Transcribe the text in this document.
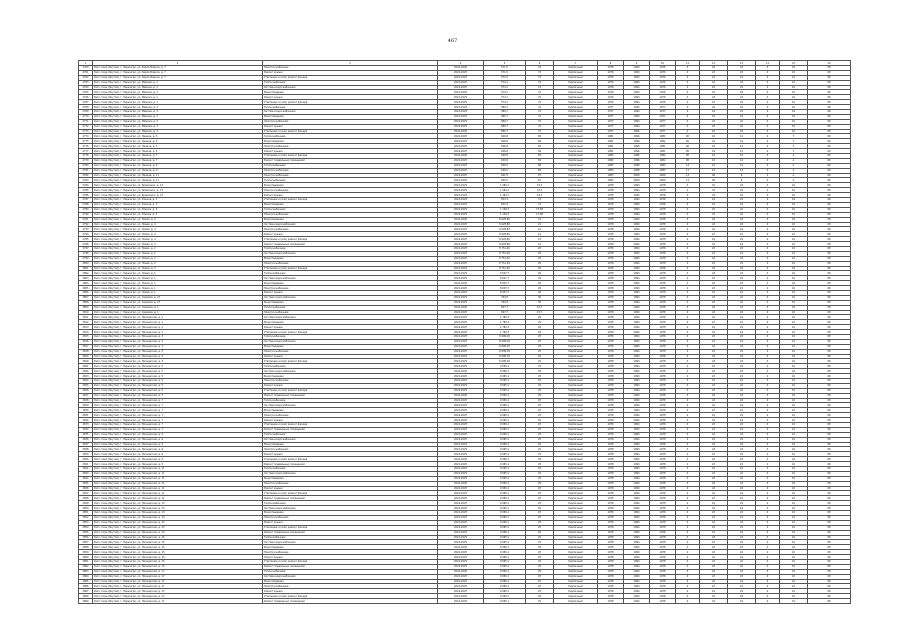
467
1	2	3	4	5	6	7	8	9	10	11	12	13	14	15	16
2760	Респ. Саха (Якутия), г. Нерюнгри, ул. Карла Маркса, д. 7	Электроснабжение	2024-2025	571,5	74	Кирпичный	1976	1994	1976	0	22	24	0	10	68
2761	Респ. Саха (Якутия), г. Нерюнгри, ул. Карла Маркса, д. 7	Ремонт крыши	2024-2025	571,5	74	Кирпичный	1976	1994	1976	0	22	24	0	10	68
2762	Респ. Саха (Якутия), г. Нерюнгри, ул. Карла Маркса, д. 7	Утепление и (или) ремонт фасада	2024-2025	571,5	74	Кирпичный	1976	1994	1976	0	22	24	0	10	68
2763	Респ. Саха (Якутия), г. Нерюнгри, ул. Мамина, д. 1	Теплоснабжение	2024-2025	574,1	74	Кирпичный	1976	1994	1976	0	22	24	0	10	68
2764	Респ. Саха (Якутия), г. Нерюнгри, ул. Мамина, д. 1	Система водоснабжения	2024-2025	574,1	74	Кирпичный	1976	1994	1976	0	22	24	0	10	68
2765	Респ. Саха (Якутия), г. Нерюнгри, ул. Мамина, д. 1	Водоотведение	2024-2025	574,1	74	Кирпичный	1976	1994	1976	0	22	24	0	10	68
2766	Респ. Саха (Якутия), г. Нерюнгри, ул. Мамина, д. 1	Ремонт крыши	2024-2025	574,1	74	Кирпичный	1976	1994	1976	0	22	24	0	10	68
2767	Респ. Саха (Якутия), г. Нерюнгри, ул. Мамина, д. 1	Утепление и (или) ремонт фасада	2024-2025	574,1	74	Кирпичный	1976	1994	1976	0	22	24	0	10	68
2768	Респ. Саха (Якутия), г. Нерюнгри, ул. Мамина, д. 3	Теплоснабжение	2024-2025	580,7	72	Кирпичный	1977	1994	1977	0	22	24	0	10	68
2769	Респ. Саха (Якутия), г. Нерюнгри, ул. Мамина, д. 3	Система водоснабжения	2024-2025	580,7	72	Кирпичный	1977	1994	1977	0	22	24	0	10	68
2770	Респ. Саха (Якутия), г. Нерюнгри, ул. Мамина, д. 3	Водоотведение	2024-2025	580,7	72	Кирпичный	1977	1994	1977	0	22	24	0	10	68
2771	Респ. Саха (Якутия), г. Нерюнгри, ул. Мамина, д. 3	Электроснабжение	2024-2025	580,7	72	Кирпичный	1977	1994	1977	0	22	24	0	10	68
2772	Респ. Саха (Якутия), г. Нерюнгри, ул. Мамина, д. 3	Ремонт крыши	2024-2025	580,7	72	Кирпичный	1977	1994	1977	0	22	24	0	10	68
2773	Респ. Саха (Якутия), г. Нерюнгри, ул. Мамина, д. 3	Утепление и (или) ремонт фасада	2024-2025	580,7	72	Кирпичный	1977	1994	1977	0	22	24	0	10	68
2774	Респ. Саха (Якутия), г. Нерюнгри, ул. Ленина, д. 5	Теплоснабжение	2024-2025	626,8	69	Кирпичный	1981	1996	1981	90	16	12	0	Т	66
2775	Респ. Саха (Якутия), г. Нерюнгри, ул. Ленина, д. 5	Водоотведение	2024-2025	626,8	69	Кирпичный	1981	1996	1981	90	16	12	0	Т	66
2776	Респ. Саха (Якутия), г. Нерюнгри, ул. Ленина, д. 5	Электроснабжение	2024-2025	626,8	69	Кирпичный	1981	1996	1981	90	16	12	0	Т	66
2777	Респ. Саха (Якутия), г. Нерюнгри, ул. Ленина, д. 5	Ремонт крыши	2024-2025	626,8	69	Кирпичный	1981	1996	1981	90	16	12	0	Т	66
2778	Респ. Саха (Якутия), г. Нерюнгри, ул. Ленина, д. 7	Утепление и (или) ремонт фасада	2024-2025	630,8	69	Кирпичный	1982	1996	1982	90	16	12	0	А	66
2779	Респ. Саха (Якутия), г. Нерюнгри, ул. Ленина, д. 7	Ремонт подвальных помещений	2024-2025	630,8	69	Кирпичный	1982	1996	1982	90	16	12	0	А	66
2780	Респ. Саха (Якутия), г. Нерюнгри, ул. Ленина, д. 9	Теплоснабжение	2024-2025	636,5	68	Кирпичный	1983	1998	1983	13	16	12	0	А	66
2781	Респ. Саха (Якутия), г. Нерюнгри, ул. Ленина, д. 9	Электроснабжение	2024-2025	636,5	68	Кирпичный	1983	1998	1983	13	16	12	0	А	66
2782	Респ. Саха (Якутия), г. Нерюнгри, ул. Ленина, д. 11	Электроснабжение	2024-2025	641,5	67	Кирпичный	1983	2009	2009	13	46	6	0	А	66
2783	Респ. Саха (Якутия), г. Нерюнгри, ул. Ленина, д. 11	Теплоснабжение	2024-2025	641,5	67	Кирпичный	1983	2009	2009	13	46	6	0	А	66
2784	Респ. Саха (Якутия), г. Нерюнгри, ул. Кравченко, д. 13	Водоотведение	2024-2025	1 284,1	33,3	Кирпичный	1978	1994	1978	0	32	24	0	10	68
2785	Респ. Саха (Якутия), г. Нерюнгри, ул. Кравченко, д. 13	Электроснабжение	2024-2025	1 284,1	33,3	Кирпичный	1978	1994	1978	0	32	24	0	10	68
2786	Респ. Саха (Якутия), г. Нерюнгри, ул. Кравченко, д. 13	Ремонт крыши	2024-2025	1 284,1	33,3	Кирпичный	1978	1994	1978	0	32	24	0	10	68
2787	Респ. Саха (Якутия), г. Нерюнгри, ул. Южная, д. 3	Утепление и (или) ремонт фасада	2024-2025	653,4	74	Кирпичный	1978	1994	1978	0	22	24	0	10	68
2788	Респ. Саха (Якутия), г. Нерюнгри, ул. Южная, д. 3	Водоотведение	2024-2025	653,4	74	Кирпичный	1978	1994	1978	0	22	24	0	10	68
2789	Респ. Саха (Якутия), г. Нерюнгри, ул. Южная, д. 5	Теплоснабжение	2024-2025	1 128,3	17,38	Кирпичный	1978	1994	1978	0	32	24	0	10	68
2790	Респ. Саха (Якутия), г. Нерюнгри, ул. Южная, д. 5	Электроснабжение	2024-2025	1 128,3	17,38	Кирпичный	1978	1994	1978	0	32	24	0	10	68
2791	Респ. Саха (Якутия), г. Нерюнгри, ул. Новая, д. 4	Водоотведение	2024-2025	8 628,89	21	Кирпичный	1978	1994	1978	0	22	24	0	10	68
2792	Респ. Саха (Якутия), г. Нерюнгри, ул. Новая, д. 4	Система водоснабжения	2024-2025	8 628,89	21	Кирпичный	1978	1994	1978	0	22	24	0	10	68
2793	Респ. Саха (Якутия), г. Нерюнгри, ул. Новая, д. 4	Электроснабжение	2024-2025	8 628,89	21	Кирпичный	1978	1994	1978	0	22	24	0	10	68
2794	Респ. Саха (Якутия), г. Нерюнгри, ул. Новая, д. 4	Ремонт крыши	2024-2025	8 628,89	21	Кирпичный	1978	1994	1978	0	22	24	0	10	68
2795	Респ. Саха (Якутия), г. Нерюнгри, ул. Новая, д. 4	Утепление и (или) ремонт фасада	2024-2025	8 628,89	21	Кирпичный	1978	1994	1978	0	22	24	0	10	68
2796	Респ. Саха (Якутия), г. Нерюнгри, ул. Новая, д. 4	Ремонт подвальных помещений	2024-2025	8 628,89	21	Кирпичный	1978	1994	1978	0	22	24	0	10	68
2797	Респ. Саха (Якутия), г. Нерюнгри, ул. Новая, д. 2	Теплоснабжение	2024-2025	8 751,49	20	Кирпичный	1978	1994	1978	0	22	24	0	10	68
2798	Респ. Саха (Якутия), г. Нерюнгри, ул. Новая, д. 2	Система водоснабжения	2024-2025	8 751,49	20	Кирпичный	1978	1994	1978	0	22	24	0	10	68
2799	Респ. Саха (Якутия), г. Нерюнгри, ул. Новая, д. 2	Водоотведение	2024-2025	8 751,49	20	Кирпичный	1978	1994	1978	0	22	24	0	10	68
2800	Респ. Саха (Якутия), г. Нерюнгри, ул. Новая, д. 2	Электроснабжение	2024-2025	8 751,49	20	Кирпичный	1978	1994	1978	0	22	24	0	10	68
2801	Респ. Саха (Якутия), г. Нерюнгри, ул. Новая, д. 2	Утепление и (или) ремонт фасада	2024-2025	8 751,49	20	Кирпичный	1978	1994	1978	0	22	24	0	10	68
2802	Респ. Саха (Якутия), г. Нерюнгри, ул. Новая, д. 1	Теплоснабжение	2024-2025	8 607,7	26	Кирпичный	1978	1994	1978	0	22	24	0	10	68
2803	Респ. Саха (Якутия), г. Нерюнгри, ул. Новая, д. 1	Система водоснабжения	2024-2025	8 607,7	26	Кирпичный	1978	1994	1978	0	22	24	0	10	68
2804	Респ. Саха (Якутия), г. Нерюнгри, ул. Новая, д. 1	Водоотведение	2024-2025	8 607,7	26	Кирпичный	1978	1994	1978	0	22	24	0	10	68
2805	Респ. Саха (Якутия), г. Нерюнгри, ул. Новая, д. 1	Электроснабжение	2024-2025	8 607,7	26	Кирпичный	1978	1994	1978	0	22	24	0	10	68
2806	Респ. Саха (Якутия), г. Нерюнгри, ул. Новая, д. 1	Ремонт крыши	2024-2025	8 607,7	26	Кирпичный	1978	1994	1978	0	22	24	0	10	68
2807	Респ. Саха (Якутия), г. Нерюнгри, ул. Садовая, д. 27	Система водоснабжения	2024-2025	763,8	30	Кирпичный	1978	1994	1978	0	22	24	0	10	68
2808	Респ. Саха (Якутия), г. Нерюнгри, ул. Садовая, д. 27	Водоотведение	2024-2025	763,8	30	Кирпичный	1978	1994	1978	0	22	24	0	10	68
2809	Респ. Саха (Якутия), г. Нерюнгри, ул. Садовая, д. 1	Теплоснабжение	2024-2025	827,7	23,7	Кирпичный	1978	1994	1978	0	22	24	0	10	68
2810	Респ. Саха (Якутия), г. Нерюнгри, ул. Садовая, д. 1	Электроснабжение	2024-2025	827,7	23,7	Кирпичный	1978	1994	1978	0	22	24	0	10	68
2811	Респ. Саха (Якутия), г. Нерюнгри, ул. Пионерская, д. 1	Система водоснабжения	2024-2025	1 782,3	29	Кирпичный	1978	1994	1978	0	22	24	0	10	68
2812	Респ. Саха (Якутия), г. Нерюнгри, ул. Пионерская, д. 1	Водоотведение	2024-2025	1 782,3	29	Кирпичный	1978	1994	1978	0	22	24	0	10	68
2813	Респ. Саха (Якутия), г. Нерюнгри, ул. Пионерская, д. 1	Ремонт крыши	2024-2025	1 782,3	29	Кирпичный	1978	1994	1978	0	22	24	0	10	68
2814	Респ. Саха (Якутия), г. Нерюнгри, ул. Пионерская, д. 1	Утепление и (или) ремонт фасада	2024-2025	1 782,3	29	Кирпичный	1978	1994	1978	0	22	24	0	10	68
2815	Респ. Саха (Якутия), г. Нерюнгри, ул. Пионерская, д. 3	Теплоснабжение	2024-2025	8 098,18	25	Кирпичный	1978	1994	1978	0	22	24	0	10	68
2816	Респ. Саха (Якутия), г. Нерюнгри, ул. Пионерская, д. 3	Система водоснабжения	2024-2025	8 098,18	25	Кирпичный	1978	1994	1978	0	22	24	0	10	68
2817	Респ. Саха (Якутия), г. Нерюнгри, ул. Пионерская, д. 3	Водоотведение	2024-2025	8 098,18	25	Кирпичный	1978	1994	1978	0	22	24	0	10	68
2818	Респ. Саха (Якутия), г. Нерюнгри, ул. Пионерская, д. 3	Электроснабжение	2024-2025	8 098,18	25	Кирпичный	1978	1994	1978	0	22	24	0	10	68
2819	Респ. Саха (Якутия), г. Нерюнгри, ул. Пионерская, д. 3	Ремонт крыши	2024-2025	8 098,18	25	Кирпичный	1978	1994	1978	0	22	24	0	10	68
2820	Респ. Саха (Якутия), г. Нерюнгри, ул. Пионерская, д. 3	Утепление и (или) ремонт фасада	2024-2025	8 098,18	25	Кирпичный	1978	1994	1978	0	22	24	0	10	68
2821	Респ. Саха (Якутия), г. Нерюнгри, ул. Пионерская, д. 5	Теплоснабжение	2024-2025	9 065,1	25	Кирпичный	1978	1994	1978	0	22	24	0	10	68
2822	Респ. Саха (Якутия), г. Нерюнгри, ул. Пионерская, д. 5	Система водоснабжения	2024-2025	9 065,1	25	Кирпичный	1978	1994	1978	0	22	24	0	10	68
2823	Респ. Саха (Якутия), г. Нерюнгри, ул. Пионерская, д. 5	Водоотведение	2024-2025	9 065,1	25	Кирпичный	1978	1994	1978	0	22	24	0	10	68
2824	Респ. Саха (Якутия), г. Нерюнгри, ул. Пионерская, д. 5	Электроснабжение	2024-2025	9 065,1	25	Кирпичный	1978	1994	1978	0	22	24	0	10	68
2825	Респ. Саха (Якутия), г. Нерюнгри, ул. Пионерская, д. 5	Ремонт крыши	2024-2025	9 065,1	25	Кирпичный	1978	1994	1978	0	22	24	0	10	68
2826	Респ. Саха (Якутия), г. Нерюнгри, ул. Пионерская, д. 5	Утепление и (или) ремонт фасада	2024-2025	9 065,1	25	Кирпичный	1978	1994	1978	0	22	24	0	10	68
2827	Респ. Саха (Якутия), г. Нерюнгри, ул. Пионерская, д. 5	Ремонт подвальных помещений	2024-2025	9 065,1	25	Кирпичный	1978	1994	1978	0	22	24	0	10	68
2828	Респ. Саха (Якутия), г. Нерюнгри, ул. Пионерская, д. 7	Теплоснабжение	2024-2025	9 065,1	25	Кирпичный	1978	1994	1978	0	22	24	0	10	68
2829	Респ. Саха (Якутия), г. Нерюнгри, ул. Пионерская, д. 7	Система водоснабжения	2024-2025	9 065,1	25	Кирпичный	1978	1994	1978	0	22	24	0	10	68
2830	Респ. Саха (Якутия), г. Нерюнгри, ул. Пионерская, д. 7	Водоотведение	2024-2025	9 065,1	25	Кирпичный	1978	1994	1978	0	22	24	0	10	68
2831	Респ. Саха (Якутия), г. Нерюнгри, ул. Пионерская, д. 7	Электроснабжение	2024-2025	9 065,1	25	Кирпичный	1978	1994	1978	0	22	24	0	10	68
2832	Респ. Саха (Якутия), г. Нерюнгри, ул. Пионерская, д. 7	Ремонт крыши	2024-2025	9 065,1	25	Кирпичный	1978	1994	1978	0	22	24	0	10	68
2833	Респ. Саха (Якутия), г. Нерюнгри, ул. Пионерская, д. 7	Утепление и (или) ремонт фасада	2024-2025	9 065,1	25	Кирпичный	1978	1994	1978	0	22	24	0	10	68
2834	Респ. Саха (Якутия), г. Нерюнгри, ул. Пионерская, д. 7	Ремонт подвальных помещений	2024-2025	9 065,1	25	Кирпичный	1978	1994	1978	0	22	24	0	10	68
2835	Респ. Саха (Якутия), г. Нерюнгри, ул. Пионерская, д. 9	Теплоснабжение	2024-2025	9 065,1	25	Кирпичный	1978	1994	1978	0	22	24	0	10	68
2836	Респ. Саха (Якутия), г. Нерюнгри, ул. Пионерская, д. 9	Система водоснабжения	2024-2025	9 065,1	25	Кирпичный	1978	1994	1978	0	22	24	0	10	68
2837	Респ. Саха (Якутия), г. Нерюнгри, ул. Пионерская, д. 9	Водоотведение	2024-2025	9 065,1	25	Кирпичный	1978	1994	1978	0	22	24	0	10	68
2838	Респ. Саха (Якутия), г. Нерюнгри, ул. Пионерская, д. 9	Электроснабжение	2024-2025	9 065,1	25	Кирпичный	1978	1994	1978	0	22	24	0	10	68
2839	Респ. Саха (Якутия), г. Нерюнгри, ул. Пионерская, д. 9	Ремонт крыши	2024-2025	9 065,1	25	Кирпичный	1978	1994	1978	0	22	24	0	10	68
2840	Респ. Саха (Якутия), г. Нерюнгри, ул. Пионерская, д. 9	Утепление и (или) ремонт фасада	2024-2025	9 065,1	25	Кирпичный	1978	1994	1978	0	22	24	0	10	68
2841	Респ. Саха (Якутия), г. Нерюнгри, ул. Пионерская, д. 9	Ремонт подвальных помещений	2024-2025	9 065,1	25	Кирпичный	1978	1994	1978	0	22	24	0	10	68
2842	Респ. Саха (Якутия), г. Нерюнгри, ул. Пионерская, д. 11	Теплоснабжение	2024-2025	9 065,1	25	Кирпичный	1978	1994	1978	0	22	24	0	10	68
2843	Респ. Саха (Якутия), г. Нерюнгри, ул. Пионерская, д. 11	Система водоснабжения	2024-2025	9 065,1	25	Кирпичный	1978	1994	1978	0	22	24	0	10	68
2844	Респ. Саха (Якутия), г. Нерюнгри, ул. Пионерская, д. 11	Водоотведение	2024-2025	9 065,1	25	Кирпичный	1978	1994	1978	0	22	24	0	10	68
2845	Респ. Саха (Якутия), г. Нерюнгри, ул. Пионерская, д. 11	Электроснабжение	2024-2025	9 065,1	25	Кирпичный	1978	1994	1978	0	22	24	0	10	68
2846	Респ. Саха (Якутия), г. Нерюнгри, ул. Пионерская, д. 11	Ремонт крыши	2024-2025	9 065,1	25	Кирпичный	1978	1994	1978	0	22	24	0	10	68
2847	Респ. Саха (Якутия), г. Нерюнгри, ул. Пионерская, д. 11	Утепление и (или) ремонт фасада	2024-2025	9 065,1	25	Кирпичный	1978	1994	1978	0	22	24	0	10	68
2848	Респ. Саха (Якутия), г. Нерюнгри, ул. Пионерская, д. 11	Ремонт подвальных помещений	2024-2025	9 065,1	25	Кирпичный	1978	1994	1978	0	22	24	0	10	68
2849	Респ. Саха (Якутия), г. Нерюнгри, ул. Пионерская, д. 13	Теплоснабжение	2024-2025	9 065,1	25	Кирпичный	1978	1994	1978	0	22	24	0	10	68
2850	Респ. Саха (Якутия), г. Нерюнгри, ул. Пионерская, д. 13	Система водоснабжения	2024-2025	9 065,1	25	Кирпичный	1978	1994	1978	0	22	24	0	10	68
2851	Респ. Саха (Якутия), г. Нерюнгри, ул. Пионерская, д. 13	Водоотведение	2024-2025	9 065,1	25	Кирпичный	1978	1994	1978	0	22	24	0	10	68
2852	Респ. Саха (Якутия), г. Нерюнгри, ул. Пионерская, д. 13	Электроснабжение	2024-2025	9 065,1	25	Кирпичный	1978	1994	1978	0	22	24	0	10	68
2853	Респ. Саха (Якутия), г. Нерюнгри, ул. Пионерская, д. 13	Ремонт крыши	2024-2025	9 065,1	25	Кирпичный	1978	1994	1978	0	22	24	0	10	68
2854	Респ. Саха (Якутия), г. Нерюнгри, ул. Пионерская, д. 13	Утепление и (или) ремонт фасада	2024-2025	9 065,1	25	Кирпичный	1978	1994	1978	0	22	24	0	10	68
2855	Респ. Саха (Якутия), г. Нерюнгри, ул. Пионерская, д. 13	Ремонт подвальных помещений	2024-2025	9 065,1	25	Кирпичный	1978	1994	1978	0	22	24	0	10	68
2856	Респ. Саха (Якутия), г. Нерюнгри, ул. Пионерская, д. 15	Теплоснабжение	2024-2025	9 065,1	25	Кирпичный	1978	1994	1978	0	22	24	0	10	68
2857	Респ. Саха (Якутия), г. Нерюнгри, ул. Пионерская, д. 15	Система водоснабжения	2024-2025	9 065,1	25	Кирпичный	1978	1994	1978	0	22	24	0	10	68
2858	Респ. Саха (Якутия), г. Нерюнгри, ул. Пионерская, д. 15	Водоотведение	2024-2025	9 065,1	25	Кирпичный	1978	1994	1978	0	22	24	0	10	68
2859	Респ. Саха (Якутия), г. Нерюнгри, ул. Пионерская, д. 15	Электроснабжение	2024-2025	9 065,1	25	Кирпичный	1978	1994	1978	0	22	24	0	10	68
2860	Респ. Саха (Якутия), г. Нерюнгри, ул. Пионерская, д. 15	Ремонт крыши	2024-2025	9 065,1	25	Кирпичный	1978	1994	1978	0	22	24	0	10	68
2861	Респ. Саха (Якутия), г. Нерюнгри, ул. Пионерская, д. 15	Утепление и (или) ремонт фасада	2024-2025	9 065,1	25	Кирпичный	1978	1994	1978	0	22	24	0	10	68
2862	Респ. Саха (Якутия), г. Нерюнгри, ул. Пионерская, д. 15	Ремонт подвальных помещений	2024-2025	9 065,1	25	Кирпичный	1978	1994	1978	0	22	24	0	10	68
2863	Респ. Саха (Якутия), г. Нерюнгри, ул. Пионерская, д. 17	Теплоснабжение	2024-2025	9 065,1	25	Кирпичный	1978	1994	1978	0	22	24	0	10	68
2864	Респ. Саха (Якутия), г. Нерюнгри, ул. Пионерская, д. 17	Система водоснабжения	2024-2025	9 065,1	25	Кирпичный	1978	1994	1978	0	22	24	0	10	68
2865	Респ. Саха (Якутия), г. Нерюнгри, ул. Пионерская, д. 17	Водоотведение	2024-2025	9 065,1	25	Кирпичный	1978	1994	1978	0	22	24	0	10	68
2866	Респ. Саха (Якутия), г. Нерюнгри, ул. Пионерская, д. 17	Электроснабжение	2024-2025	9 065,1	25	Кирпичный	1978	1994	1978	0	22	24	0	10	68
2867	Респ. Саха (Якутия), г. Нерюнгри, ул. Пионерская, д. 17	Ремонт крыши	2024-2025	9 065,1	25	Кирпичный	1978	1994	1978	0	22	24	0	10	68
2868	Респ. Саха (Якутия), г. Нерюнгри, ул. Пионерская, д. 17	Утепление и (или) ремонт фасада	2024-2025	9 065,1	25	Кирпичный	1978	1994	1978	0	22	24	0	10	68
2869	Респ. Саха (Якутия), г. Нерюнгри, ул. Пионерская, д. 17	Ремонт подвальных помещений	2024-2025	9 065,1	25	Кирпичный	1978	1994	1978	0	22	24	0	10	68
